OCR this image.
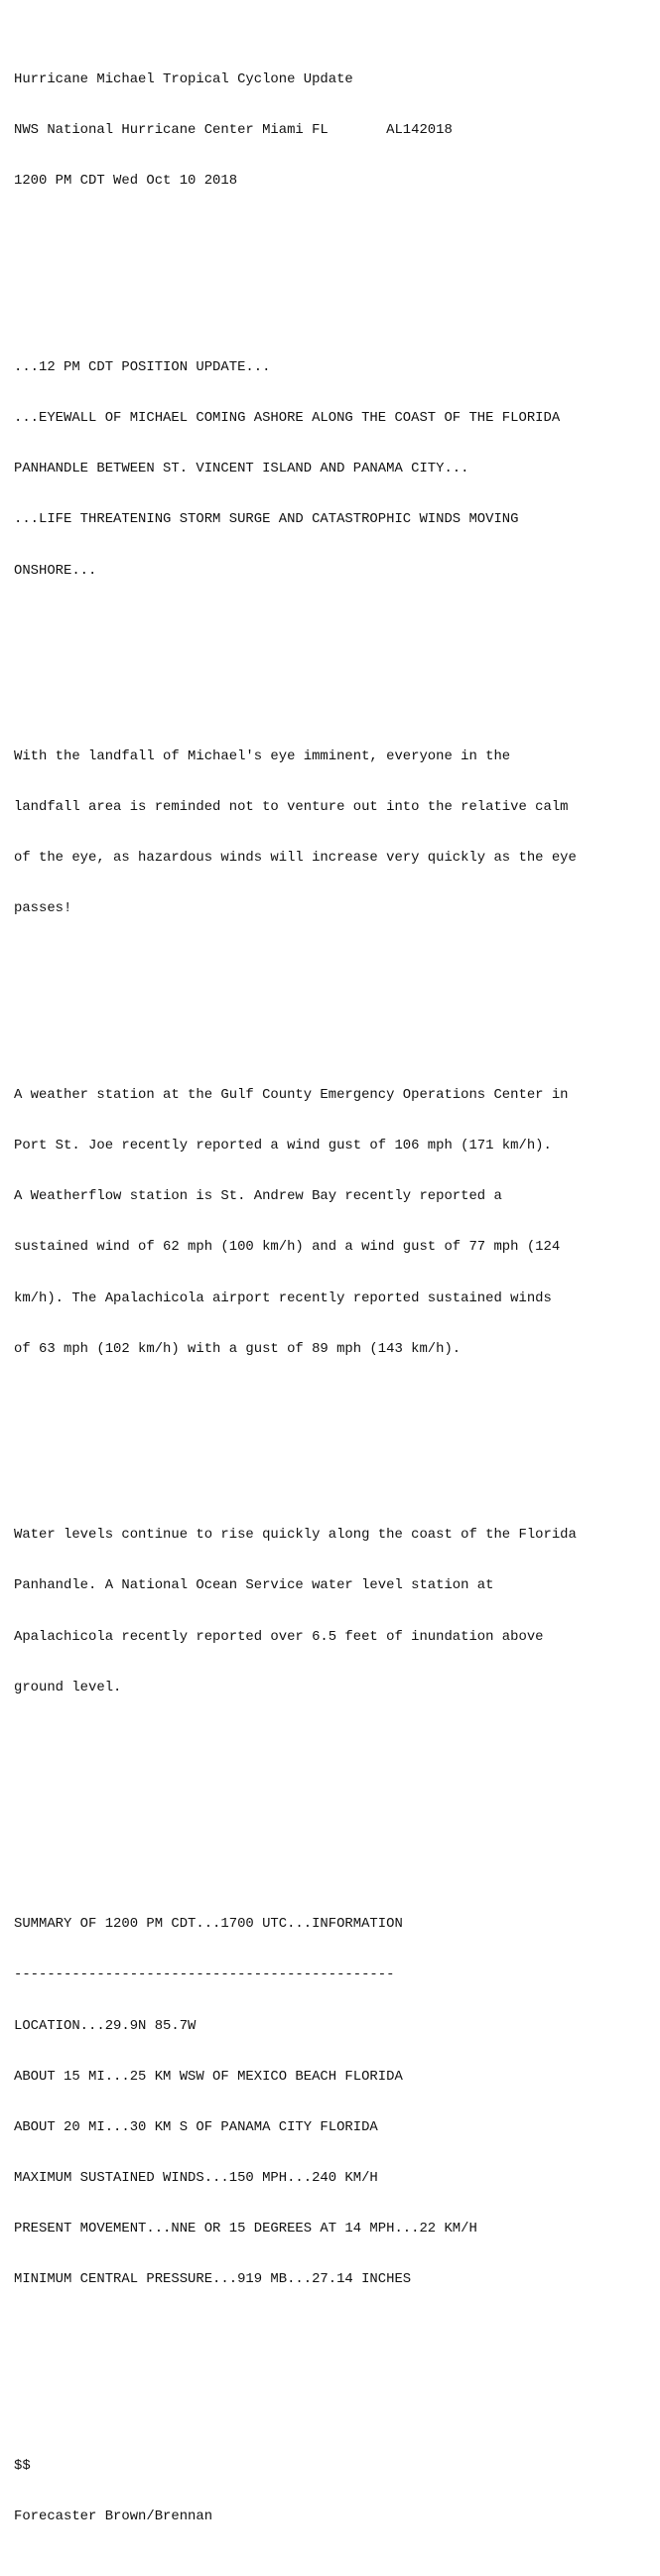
Hurricane Michael Tropical Cyclone Update

NWS National Hurricane Center Miami FL       AL142018

1200 PM CDT Wed Oct 10 2018

...12 PM CDT POSITION UPDATE...

...EYEWALL OF MICHAEL COMING ASHORE ALONG THE COAST OF THE FLORIDA

PANHANDLE BETWEEN ST. VINCENT ISLAND AND PANAMA CITY...

...LIFE THREATENING STORM SURGE AND CATASTROPHIC WINDS MOVING

ONSHORE...

With the landfall of Michael's eye imminent, everyone in the

landfall area is reminded not to venture out into the relative calm

of the eye, as hazardous winds will increase very quickly as the eye

passes!

A weather station at the Gulf County Emergency Operations Center in

Port St. Joe recently reported a wind gust of 106 mph (171 km/h).

A Weatherflow station is St. Andrew Bay recently reported a

sustained wind of 62 mph (100 km/h) and a wind gust of 77 mph (124

km/h). The Apalachicola airport recently reported sustained winds

of 63 mph (102 km/h) with a gust of 89 mph (143 km/h).

Water levels continue to rise quickly along the coast of the Florida

Panhandle. A National Ocean Service water level station at

Apalachicola recently reported over 6.5 feet of inundation above

ground level.

SUMMARY OF 1200 PM CDT...1700 UTC...INFORMATION

----------------------------------------------

LOCATION...29.9N 85.7W

ABOUT 15 MI...25 KM WSW OF MEXICO BEACH FLORIDA

ABOUT 20 MI...30 KM S OF PANAMA CITY FLORIDA

MAXIMUM SUSTAINED WINDS...150 MPH...240 KM/H

PRESENT MOVEMENT...NNE OR 15 DEGREES AT 14 MPH...22 KM/H

MINIMUM CENTRAL PRESSURE...919 MB...27.14 INCHES

$$

Forecaster Brown/Brennan
